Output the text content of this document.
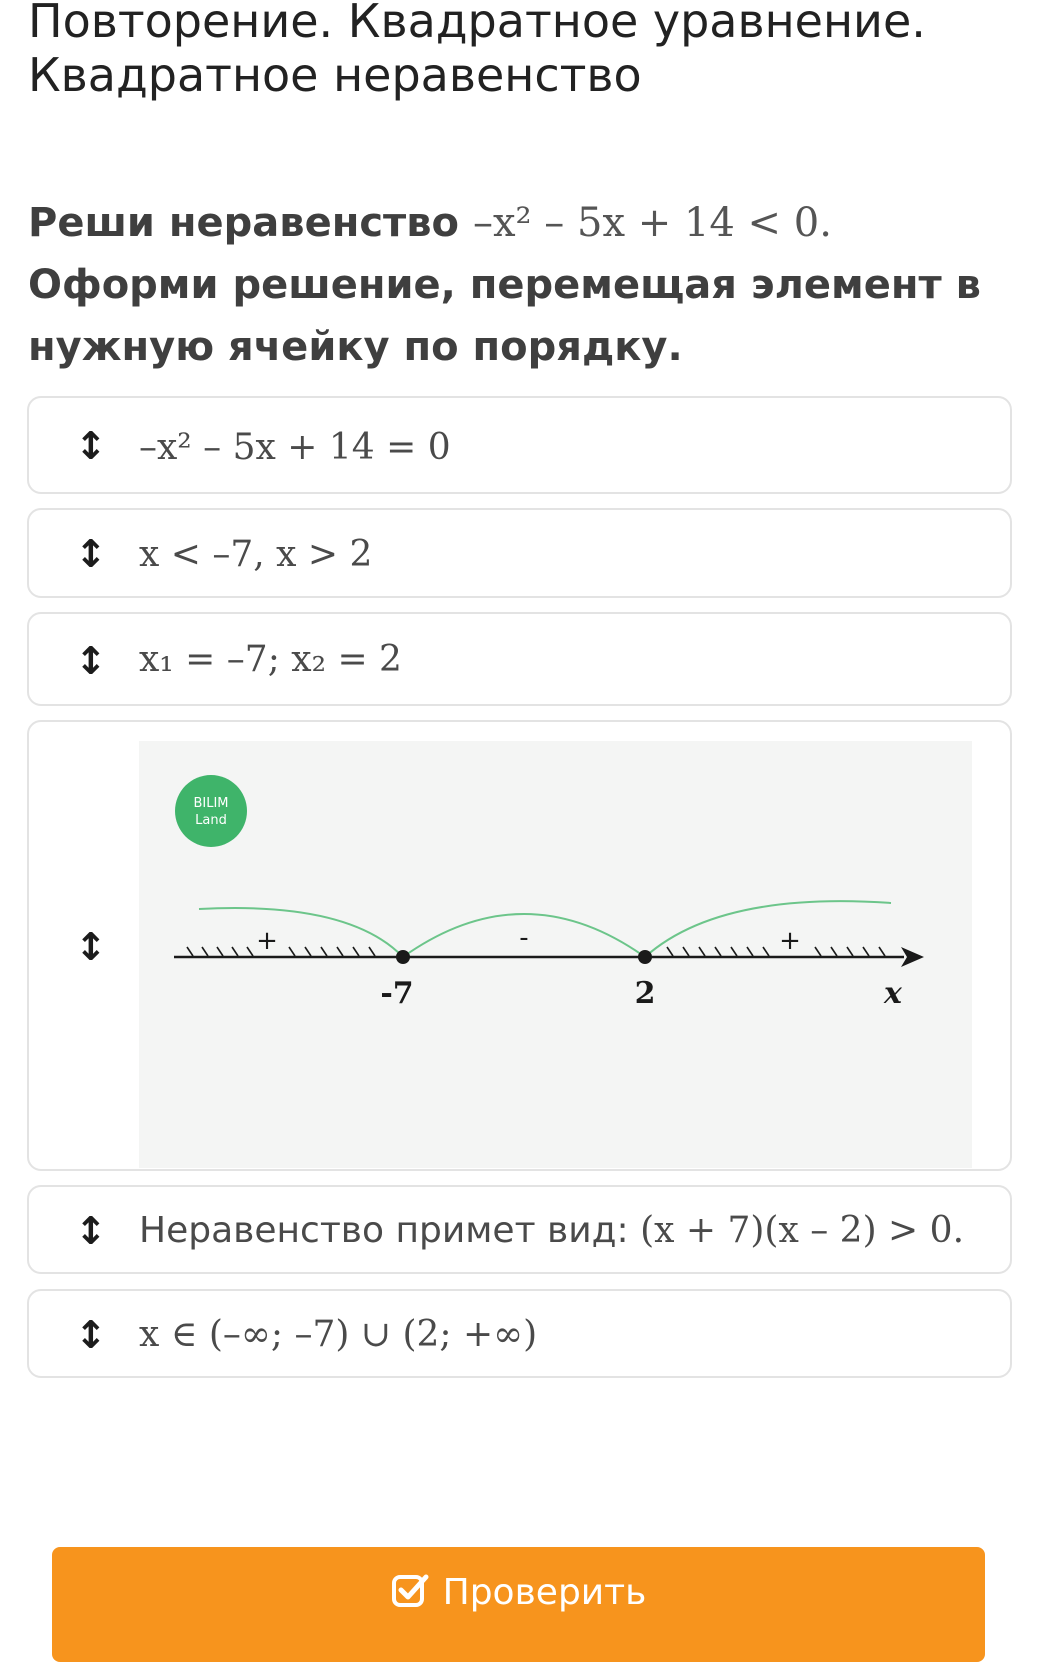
Повторение. Квадратное уравнение.
Квадратное неравенство

Реши неравенство –x² – 5x + 14 < 0.
Оформи решение, перемещая элемент в нужную ячейку по порядку.

↕ –x² – 5x + 14 = 0
↕ x < –7, x > 2
↕ x₁ = –7; x₂ = 2
↕
BILIM
Land
-7	2	x
+	-	+
↕ Неравенство примет вид: (x + 7)(x – 2) > 0.
↕ x ∈ (–∞; –7) ∪ (2; +∞)
Проверить
